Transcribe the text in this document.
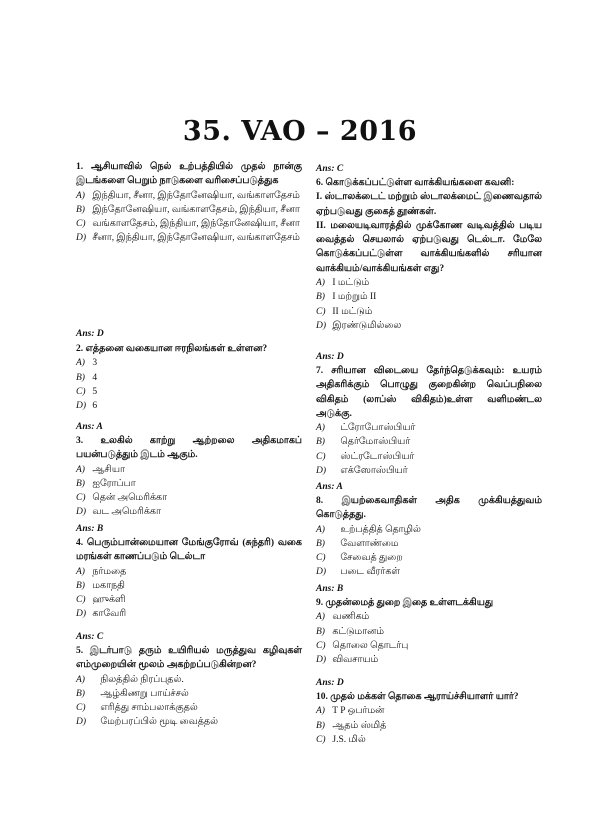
35. VAO – 2016
1. ஆசியாவில் நெல் உற்பத்தியில் முதல் நான்கு இடங்களை பெறும் நாடுகளை வரிசைப்படுத்துக
A) இந்தியா, சீனா, இந்தோனேஷியா, வங்காளதேசம்
B) இந்தோனேஷியா, வங்காளதேசம், இந்தியா, சீனா
C) வங்காளதேசம், இந்தியா, இந்தோனேஷியா, சீனா
D) சீனா, இந்தியா, இந்தோனேஷியா, வங்காளதேசம்
Ans: D
2. எத்தனை வகையான ஈரநிலங்கள் உள்ளன?
A) 3
B) 4
C) 5
D) 6
Ans: A
3. உலகில் காற்று ஆற்றலை அதிகமாகப் பயன்படுத்தும் இடம் ஆகும்.
A) ஆசியா
B) ஐரோப்பா
C) தென் அமெரிக்கா
D) வட அமெரிக்கா
Ans: B
4. பெரும்பான்மையான மேங்குரோவ் (சுந்தரி) வகை மரங்கள் காணப்படும் டெல்டா
A) நர்மதை
B) மகாநதி
C) ஹுக்ளி
D) காவேரி
Ans: C
5. இடர்பாடு தரும் உயிரியல் மருத்துவ கழிவுகள் எம்முறையின் மூலம் அகற்றப்படுகின்றன?
A) நிலத்தில் நிரப்புதல்.
B) ஆழ்கிணறு பாய்ச்சல்
C) எரித்து சாம்பலாக்குதல்
D) மேற்பரப்பில் மூடி வைத்தல்
Ans: C
6. கொடுக்கப்பட்டுள்ள வாக்கியங்களை கவனி:
I. ஸ்டாலக்டைட் மற்றும் ஸ்டாலக்மைட் இணைவதால் ஏற்படுவது குகைத் தூண்கள்.
II. மலையடிவாரத்தில் முக்கோண வடிவத்தில் படிய வைத்தல் செயலால் ஏற்படுவது டெல்டா. மேலே கொடுக்கப்பட்டுள்ள வாக்கியங்களில் சரியான வாக்கியம்/வாக்கியங்கள் எது?
A) I மட்டும்
B) I மற்றும் II
C) II மட்டும்
D) இரண்டுமில்லை
Ans: D
7. சரியான விடையை தேர்ந்தெடுக்கவும்: உயரம் அதிகரிக்கும் பொழுது குறைகின்ற வெப்பநிலை விகிதம் (லாப்ஸ் விகிதம்)உள்ள வளிமண்டல அடுக்கு.
A) ட்ரோபோஸ்பியர்
B) தெர்மோஸ்பியர்
C) ஸ்ட்ரடோஸ்பியர்
D) எக்ஸோஸ்பியர்
Ans: A
8. இயற்கைவாதிகள் அதிக முக்கியத்துவம் கொடுத்தது.
A) உற்பத்தித் தொழில்
B) வேளாண்மை
C) சேவைத் துறை
D) படை வீரர்கள்
Ans: B
9. முதன்மைத் துறை இதை உள்ளடக்கியது
A) வணிகம்
B) கட்டுமானம்
C) தொலை தொடர்பு
D) விவசாயம்
Ans: D
10. முதல் மக்கள் தொகை ஆராய்ச்சியாளர் யார்?
A) T P ஒபர்மன்
B) ஆதம் ஸ்மித்
C) J.S. மில்
